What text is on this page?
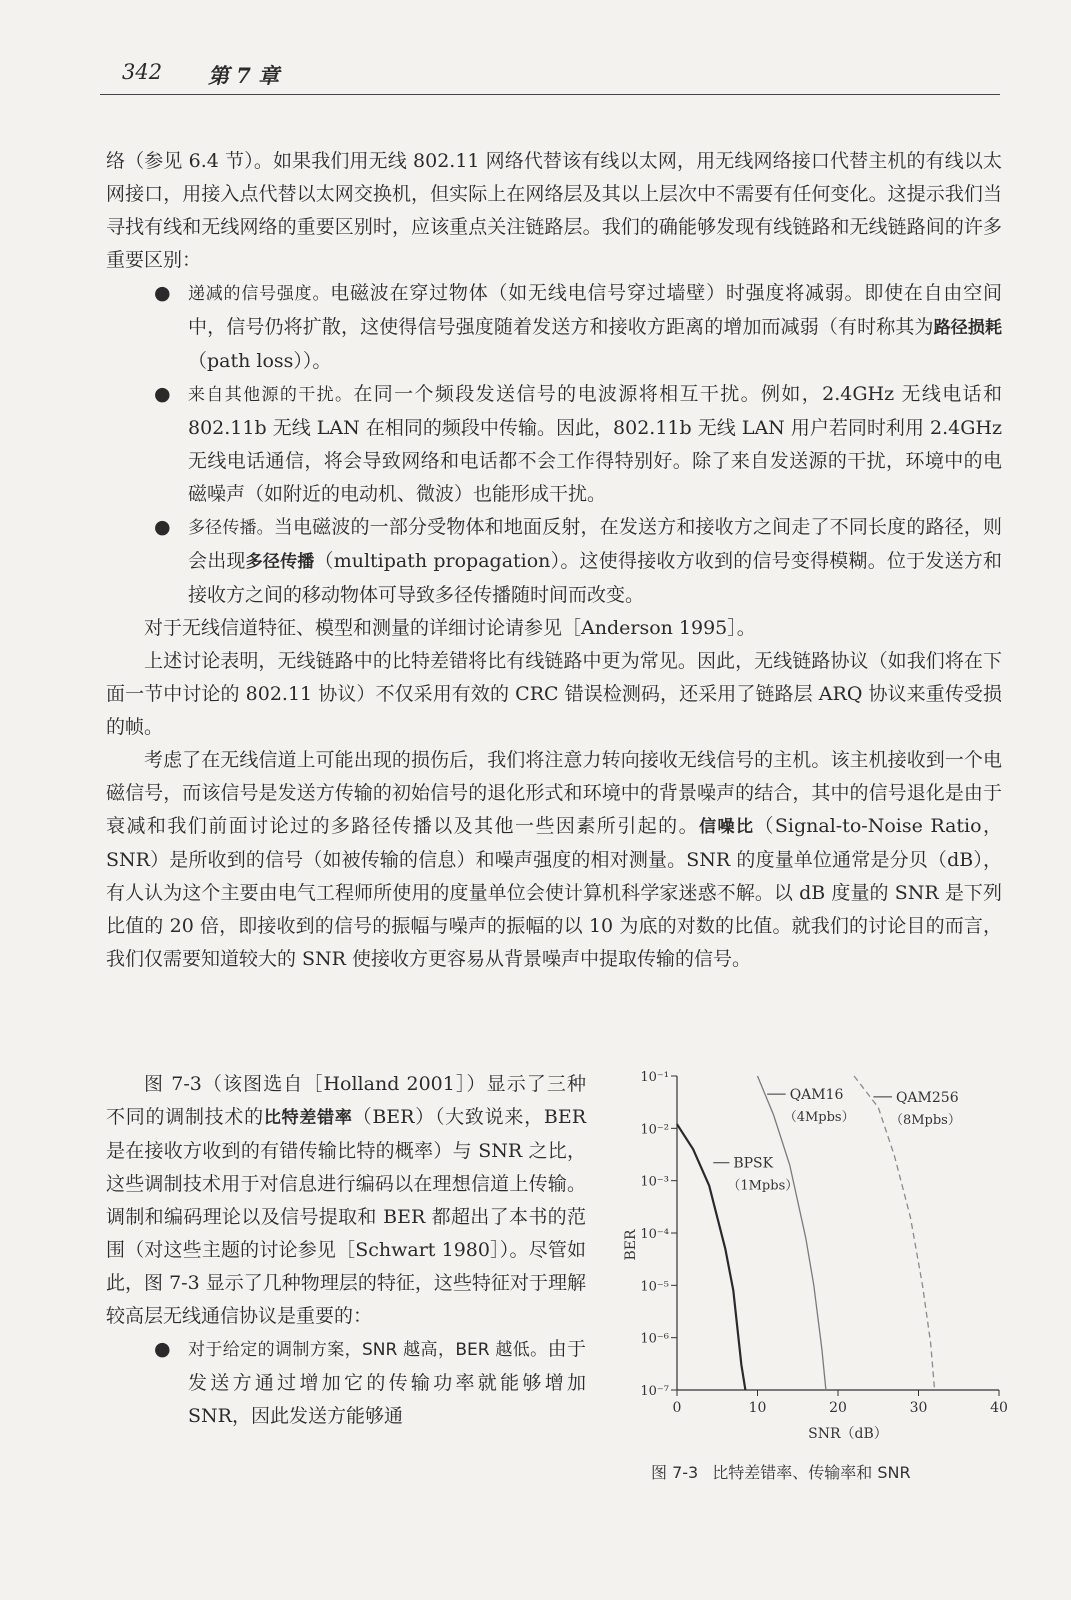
342 第 7 章

络（参见 6.4 节）。如果我们用无线 802.11 网络代替该有线以太网，用无线网络接口代替主机的有线以太网接口，用接入点代替以太网交换机，但实际上在网络层及其以上层次中不需要有任何变化。这提示我们当寻找有线和无线网络的重要区别时，应该重点关注链路层。我们的确能够发现有线链路和无线链路间的许多重要区别：

● 递减的信号强度。电磁波在穿过物体（如无线电信号穿过墙壁）时强度将减弱。即使在自由空间中，信号仍将扩散，这使得信号强度随着发送方和接收方距离的增加而减弱（有时称其为路径损耗（path loss））。
● 来自其他源的干扰。在同一个频段发送信号的电波源将相互干扰。例如，2.4GHz 无线电话和 802.11b 无线 LAN 在相同的频段中传输。因此，802.11b 无线 LAN 用户若同时利用 2.4GHz 无线电话通信，将会导致网络和电话都不会工作得特别好。除了来自发送源的干扰，环境中的电磁噪声（如附近的电动机、微波）也能形成干扰。
● 多径传播。当电磁波的一部分受物体和地面反射，在发送方和接收方之间走了不同长度的路径，则会出现多径传播（multipath propagation）。这使得接收方收到的信号变得模糊。位于发送方和接收方之间的移动物体可导致多径传播随时间而改变。

对于无线信道特征、模型和测量的详细讨论请参见［Anderson 1995］。

上述讨论表明，无线链路中的比特差错将比有线链路中更为常见。因此，无线链路协议（如我们将在下面一节中讨论的 802.11 协议）不仅采用有效的 CRC 错误检测码，还采用了链路层 ARQ 协议来重传受损的帧。

考虑了在无线信道上可能出现的损伤后，我们将注意力转向接收无线信号的主机。该主机接收到一个电磁信号，而该信号是发送方传输的初始信号的退化形式和环境中的背景噪声的结合，其中的信号退化是由于衰减和我们前面讨论过的多路径传播以及其他一些因素所引起的。信噪比（Signal-to-Noise Ratio，SNR）是所收到的信号（如被传输的信息）和噪声强度的相对测量。SNR 的度量单位通常是分贝（dB），有人认为这个主要由电气工程师所使用的度量单位会使计算机科学家迷惑不解。以 dB 度量的 SNR 是下列比值的 20 倍，即接收到的信号的振幅与噪声的振幅的以 10 为底的对数的比值。就我们的讨论目的而言，我们仅需要知道较大的 SNR 使接收方更容易从背景噪声中提取传输的信号。

图 7-3（该图选自［Holland 2001］）显示了三种不同的调制技术的比特差错率（BER）（大致说来，BER 是在接收方收到的有错传输比特的概率）与 SNR 之比，这些调制技术用于对信息进行编码以在理想信道上传输。调制和编码理论以及信号提取和 BER 都超出了本书的范围（对这些主题的讨论参见［Schwart 1980］）。尽管如此，图 7-3 显示了几种物理层的特征，这些特征对于理解较高层无线通信协议是重要的：

● 对于给定的调制方案，SNR 越高，BER 越低。由于发送方通过增加它的传输功率就能够增加 SNR，因此发送方能够通
10⁻¹
10⁻²
10⁻³
10⁻⁴
10⁻⁵
10⁻⁶
10⁻⁷
0	10	20	30	40
SNR（dB）
BER
BPSK
（1Mpbs）
QAM16
（4Mpbs）
QAM256
（8Mpbs）
图 7-3 比特差错率、传输率和 SNR
